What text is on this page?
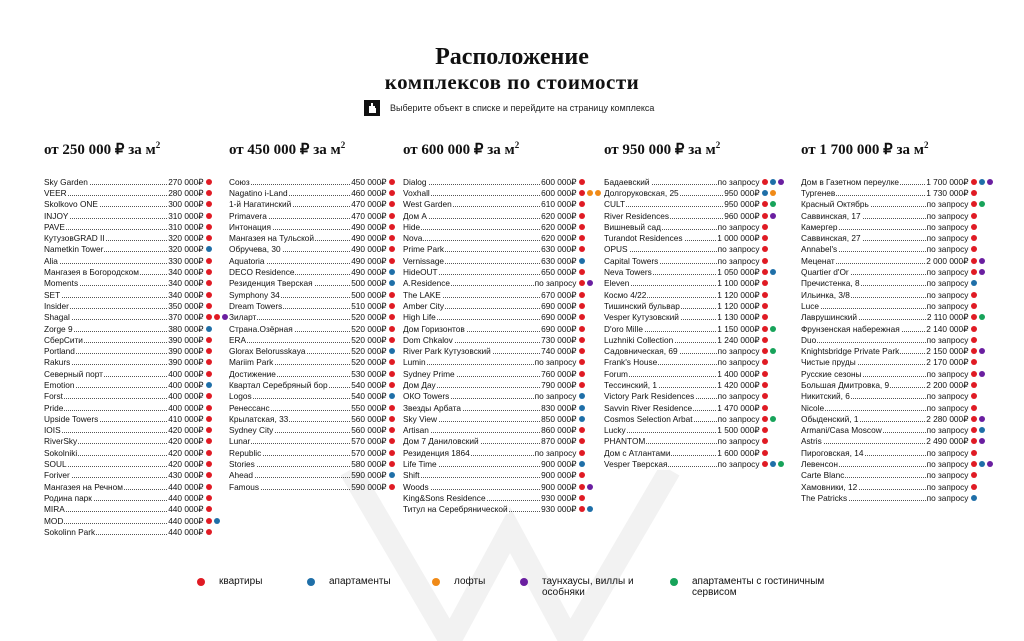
Расположение
комплексов по стоимости
Выберите объект в списке и перейдите на страницу комплекса
от 250 000 ₽ за $м^2$
Sky Garden	270 000₽
VEER	280 000₽
Skolkovo ONE	300 000₽
INJOY	310 000₽
PAVE	310 000₽
КутузовGRAD II	320 000₽
Nametkin Tower	320 000₽
Alia	330 000₽
Мангазея в Богородском	340 000₽
Moments	340 000₽
SET	340 000₽
Insider	350 000₽
Shagal	370 000₽
Zorge 9	380 000₽
СберСити	390 000₽
Portland	390 000₽
Rakurs	390 000₽
Северный порт	400 000₽
Emotion	400 000₽
Forst	400 000₽
Pride	400 000₽
Upside Towers	410 000₽
IOIS	420 000₽
RiverSky	420 000₽
Sokolniki	420 000₽
SOUL	420 000₽
Foriver	430 000₽
Мангазея на Речном	440 000₽
Родина парк	440 000₽
MIRA	440 000₽
MOD	440 000₽
Sokolinn Park	440 000₽
от 450 000 ₽ за $м^2$
Союз	450 000₽
Nagatino i-Land	460 000₽
1-й Нагатинский	470 000₽
Primavera	470 000₽
Интонация	490 000₽
Мангазея на Тульской	490 000₽
Обручева, 30	490 000₽
Aquatoria	490 000₽
DECO Residence	490 000₽
Резиденция Тверская	500 000₽
Symphony 34	500 000₽
Dream Towers	510 000₽
Зиларт	520 000₽
Страна.Озёрная	520 000₽
ERA	520 000₽
Glorax Belorusskaya	520 000₽
Mariim Park	520 000₽
Достижение	530 000₽
Квартал Серебряный бор	540 000₽
Logos	540 000₽
Ренессанс	550 000₽
Крылатская, 33	560 000₽
Sydney City	560 000₽
Lunar	570 000₽
Republic	570 000₽
Stories	580 000₽
Ahead	590 000₽
Famous	590 000₽
от 600 000 ₽ за $м^2$
Dialog	600 000₽
Voxhall	600 000₽
West Garden	610 000₽
Дом А	620 000₽
Hide	620 000₽
Nova	620 000₽
Prime Park	630 000₽
Vernissage	630 000₽
HideOUT	650 000₽
A.Residence	по запросу
The LAKE	670 000₽
Amber City	690 000₽
High Life	690 000₽
Дом Горизонтов	690 000₽
Dom Chkalov	730 000₽
River Park Кутузовский	740 000₽
Lumin	по запросу
Sydney Prime	760 000₽
Дом Дау	790 000₽
ОКО Towers	по запросу
Звезды Арбата	830 000₽
Sky View	850 000₽
Artisan	860 000₽
Дом 7 Даниловский	870 000₽
Резиденция 1864	по запросу
Life Time	900 000₽
Shift	900 000₽
Woods	900 000₽
King&Sons Residence	930 000₽
Титул на Серебрянической	930 000₽
от 950 000 ₽ за $м^2$
Бадаевский	по запросу
Долгоруковская, 25	950 000₽
CULT	950 000₽
River Residences	960 000₽
Вишневый сад	по запросу
Turandot Residences	1 000 000₽
OPUS	по запросу
Capital Towers	по запросу
Neva Towers	1 050 000₽
Eleven	1 100 000₽
Космо 4/22	1 120 000₽
Тишинский бульвар	1 120 000₽
Vesper Кутузовский	1 130 000₽
D'oro Mille	1 150 000₽
Luzhniki Collection	1 240 000₽
Садовническая, 69	по запросу
Frank's House	по запросу
Forum	1 400 000₽
Тессинский, 1	1 420 000₽
Victory Park Residences	по запросу
Savvin River Residence	1 470 000₽
Cosmos Selection Arbat	по запросу
Lucky	1 500 000₽
PHANTOM	по запросу
Дом с Атлантами	1 600 000₽
Vesper Тверская	по запросу
от 1 700 000 ₽ за $м^2$
Дом в Газетном переулке	1 700 000₽
Тургенев	1 730 000₽
Красный Октябрь	по запросу
Саввинская, 17	по запросу
Камергер	по запросу
Саввинская, 27	по запросу
Annabel's	по запросу
Меценат	2 000 000₽
Quartier d'Or	по запросу
Пречистенка, 8	по запросу
Ильинка, 3/8	по запросу
Luce	по запросу
Лаврушинский	2 110 000₽
Фрунзенская набережная	2 140 000₽
Duo	по запросу
Knightsbridge Private Park	2 150 000₽
Чистые пруды	2 170 000₽
Русские сезоны	по запросу
Большая Дмитровка, 9	2 200 000₽
Никитский, 6	по запросу
Nicole	по запросу
Обыденский, 1	2 280 000₽
Armani/Casa Moscow	по запросу
Astris	2 490 000₽
Пироговская, 14	по запросу
Левенсон	по запросу
Carte Blanc	по запросу
Хамовники, 12	по запросу
The Patricks	по запросу
квартиры	апартаменты	лофты	таунхаусы, виллы и особняки
апартаменты с гостиничным сервисом
